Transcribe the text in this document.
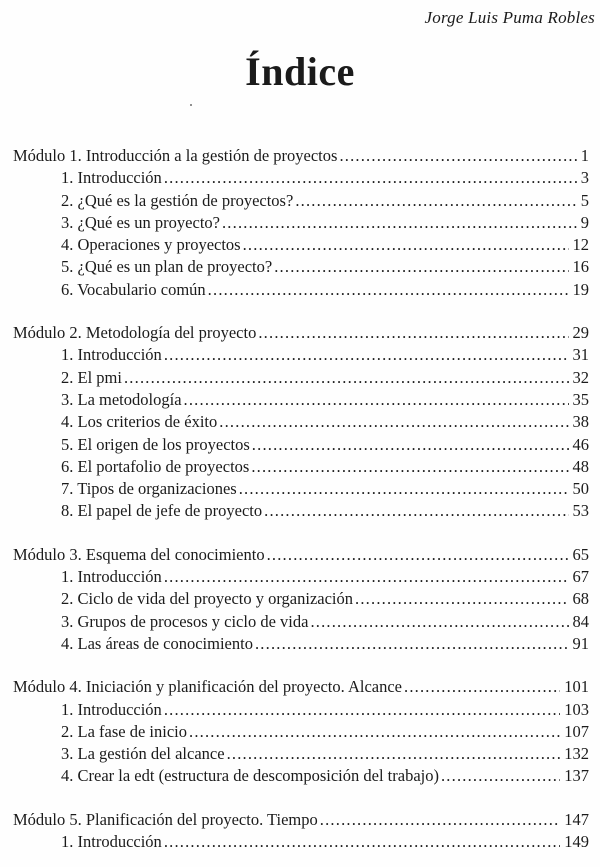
Jorge Luis Puma Robles
Índice
Módulo 1. Introducción a la gestión de proyectos .....	1
1. Introducción .....	3
2. ¿Qué es la gestión de proyectos? .....	5
3. ¿Qué es un proyecto? .....	9
4. Operaciones y proyectos .....	12
5. ¿Qué es un plan de proyecto? .....	16
6. Vocabulario común .....	19
Módulo 2. Metodología del proyecto .....	29
1. Introducción .....	31
2. El pmi .....	32
3. La metodología .....	35
4. Los criterios de éxito .....	38
5. El origen de los proyectos .....	46
6. El portafolio de proyectos .....	48
7. Tipos de organizaciones .....	50
8. El papel de jefe de proyecto .....	53
Módulo 3. Esquema del conocimiento .....	65
1. Introducción .....	67
2. Ciclo de vida del proyecto y organización .....	68
3. Grupos de procesos y ciclo de vida .....	84
4. Las áreas de conocimiento .....	91
Módulo 4. Iniciación y planificación del proyecto. Alcance .....	101
1. Introducción .....	103
2. La fase de inicio .....	107
3. La gestión del alcance .....	132
4. Crear la edt (estructura de descomposición del trabajo) .....	137
Módulo 5. Planificación del proyecto. Tiempo .....	147
1. Introducción .....	149
